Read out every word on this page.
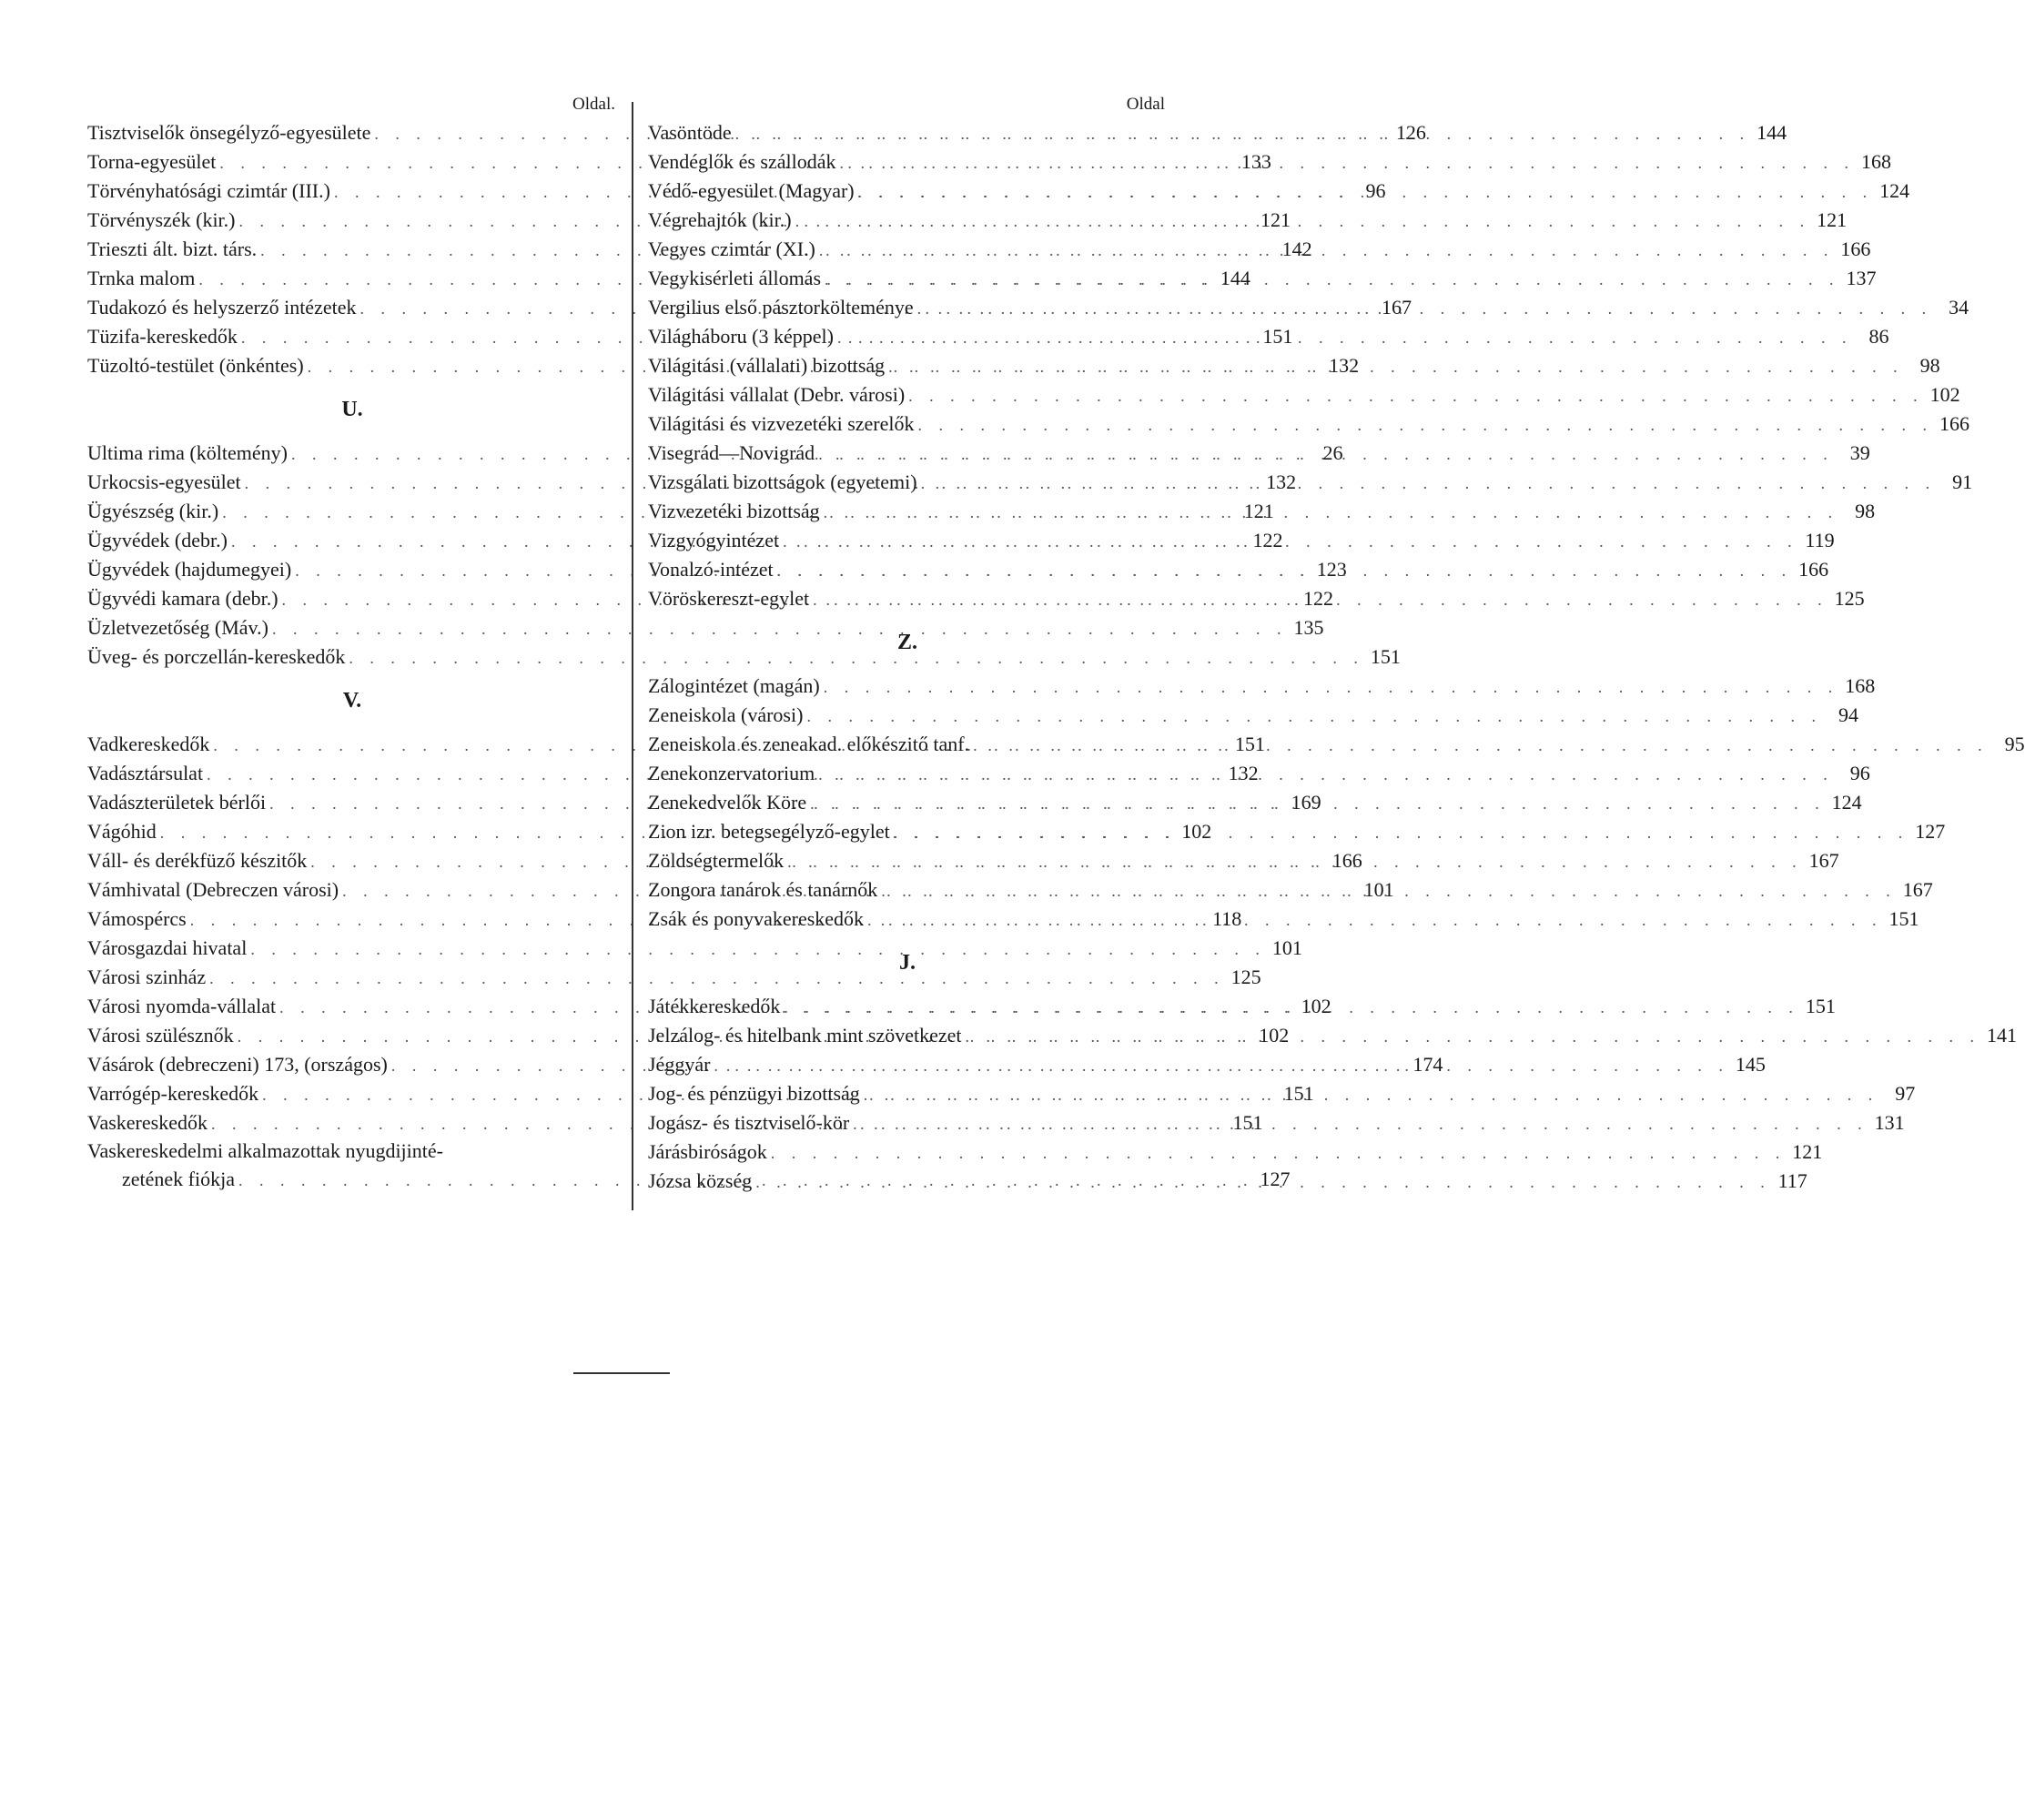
Oldal.
Tisztviselők önsegélyző-egyesülete . . .	126
Torna-egyesület . . .	133
Törvényhatósági czimtár (III.) . . .	96
Törvényszék (kir.) . . .	121
Trieszti ált. bizt. társ. . . .	142
Trnka malom . . .	144
Tudakozó és helyszerző intézetek . . .	167
Tüzifa-kereskedők . . .	151
Tüzoltó-testület (önkéntes) . . .	132
U.
Ultima rima (költemény) . . .	26
Urkocsis-egyesület . . .	132
Ügyészség (kir.) . . .	121
Ügyvédek (debr.) . . .	122
Ügyvédek (hajdumegyei) . . .	123
Ügyvédi kamara (debr.) . . .	122
Üzletvezetőség (Máv.) . . .	135
Üveg- és porczellán-kereskedők . . .	151
V.
Vadkereskedők . . .	151
Vadásztársulat . . .	132
Vadászterületek bérlői . . .	169
Vágóhid . . .	102
Váll- és derékfüző készitők . . .	166
Vámhivatal (Debreczen városi) . . .	101
Vámospércs . . .	118
Városgazdai hivatal . . .	101
Városi szinház . . .	125
Városi nyomda-vállalat . . .	102
Városi szülésznők . . .	102
Vásárok (debreczeni) 173, (országos) . . .	174
Varrógép-kereskedők . . .	151
Vaskereskedők . . .	151
Vaskereskedelmi alkalmazottak nyugdijinté-
zetének fiókja . . .	127
Oldal
Vasöntöde . . .	144
Vendéglők és szállodák . . .	168
Védő-egyesület (Magyar) . . .	124
Végrehajtók (kir.) . . .	121
Vegyes czimtár (XI.) . . .	166
Vegykisérleti állomás . . .	137
Vergilius első pásztorkölteménye . . .	34
Világháboru (3 képpel) . . .	86
Világitási (vállalati) bizottság . . .	98
Világitási vállalat (Debr. városi) . . .	102
Világitási és vizvezetéki szerelők . . .	166
Visegrád—Novigrád . . .	39
Vizsgálati bizottságok (egyetemi) . . .	91
Vizvezetéki bizottság . . .	98
Vizgyógyintézet . . .	119
Vonalzó-intézet . . .	166
Vöröskereszt-egylet . . .	125
Z.
Zálogintézet (magán) . . .	168
Zeneiskola (városi) . . .	94
Zeneiskola és zeneakad. előkészitő tanf. . . .	95
Zenekonzervatorium . . .	96
Zenekedvelők Köre . . .	124
Zion izr. betegsegélyző-egylet . . .	127
Zöldségtermelők . . .	167
Zongora tanárok és tanárnők . . .	167
Zsák és ponyvakereskedők . . .	151
J.
Játékkereskedők . . .	151
Jelzálog- és hitelbank mint szövetkezet . . .	141
Jéggyár . . .	145
Jog- és pénzügyi bizottság . . .	97
Jogász- és tisztviselő-kör . . .	131
Járásbiróságok . . .	121
Józsa község . . .	117
